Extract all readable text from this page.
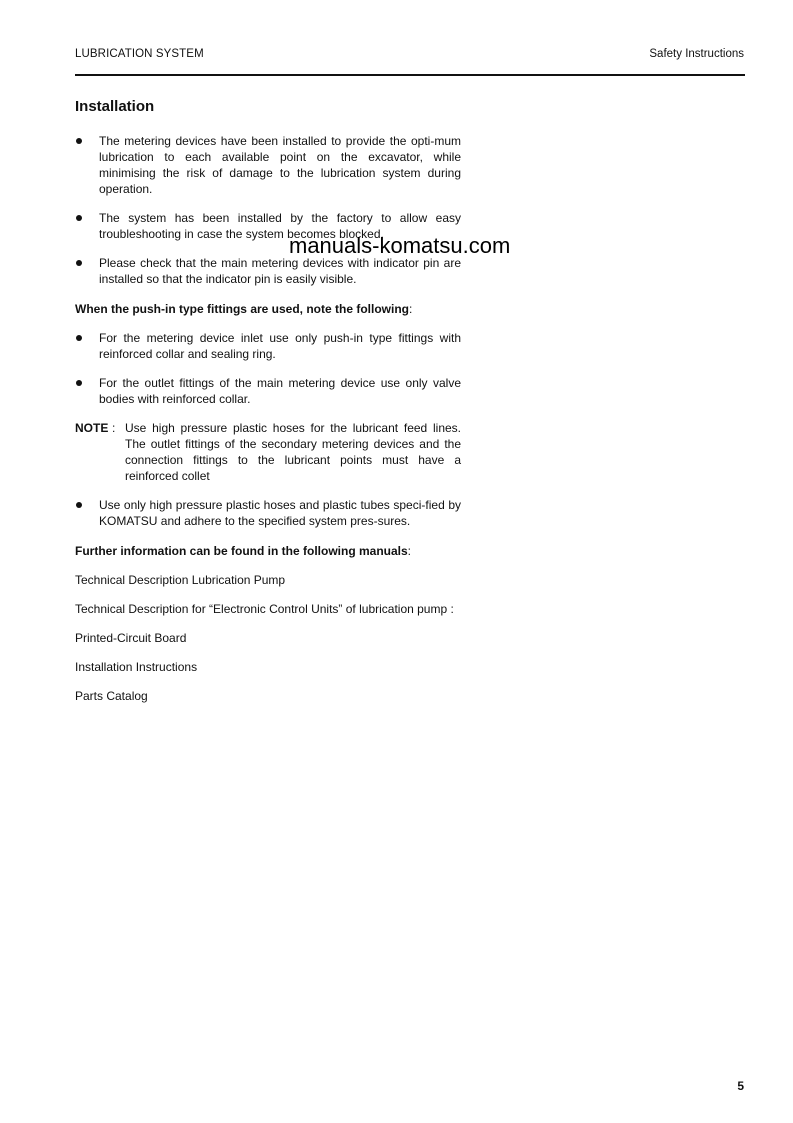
LUBRICATION SYSTEM	Safety Instructions
Installation
The metering devices have been installed to provide the opti-mum lubrication to each available point on the excavator, while minimising the risk of damage to the lubrication system during operation.
The system has been installed by the factory to allow easy troubleshooting in case the system becomes blocked.
Please check that the main metering devices with indicator pin are installed so that the indicator pin is easily visible.
When the push-in type fittings are used, note the following:
For the metering device inlet use only push-in type fittings with reinforced collar and sealing ring.
For the outlet fittings of the main metering device use only valve bodies with reinforced collar.
NOTE : Use high pressure plastic hoses for the lubricant feed lines. The outlet fittings of the secondary metering devices and the connection fittings to the lubricant points must have a reinforced collet
Use only high pressure plastic hoses and plastic tubes speci-fied by KOMATSU and adhere to the specified system pres-sures.
Further information can be found in the following manuals:
Technical Description Lubrication Pump
Technical Description for “Electronic Control Units” of lubrication pump :
Printed-Circuit Board
Installation Instructions
Parts Catalog
manuals-komatsu.com
5
